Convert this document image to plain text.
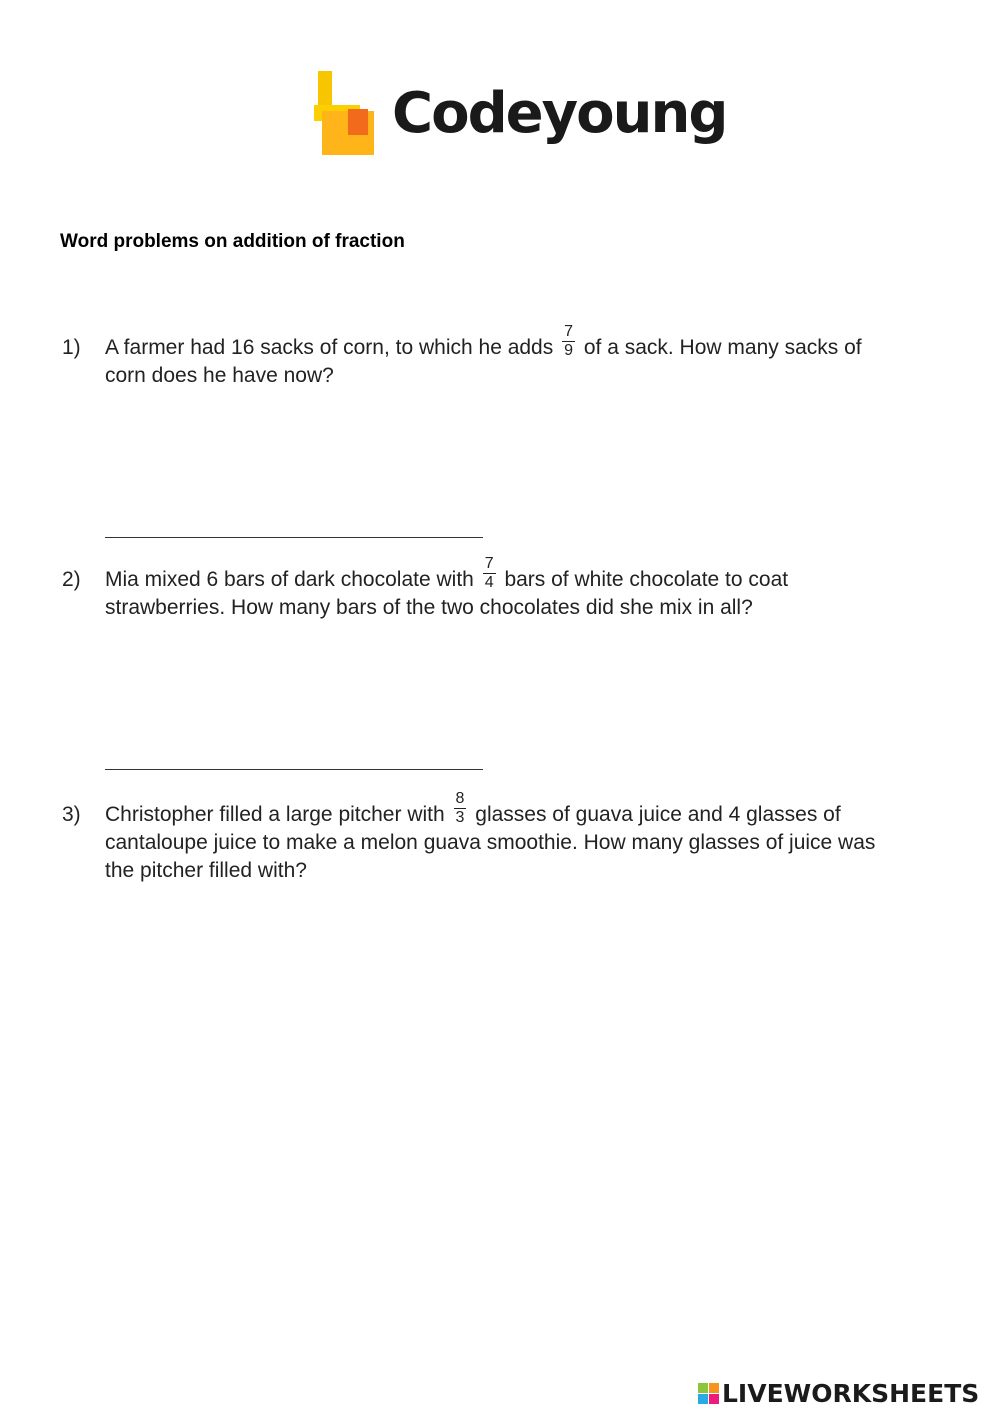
Codeyoung
Word problems on addition of fraction
1)	A farmer had 16 sacks of corn, to which he adds $\frac{7}{9}$ of a sack. How many sacks of corn does he have now?
2)	Mia mixed 6 bars of dark chocolate with $\frac{7}{4}$ bars of white chocolate to coat strawberries. How many bars of the two chocolates did she mix in all?
3)	Christopher filled a large pitcher with $\frac{8}{3}$ glasses of guava juice and 4 glasses of cantaloupe juice to make a melon guava smoothie. How many glasses of juice was the pitcher filled with?
LIVEWORKSHEETS
